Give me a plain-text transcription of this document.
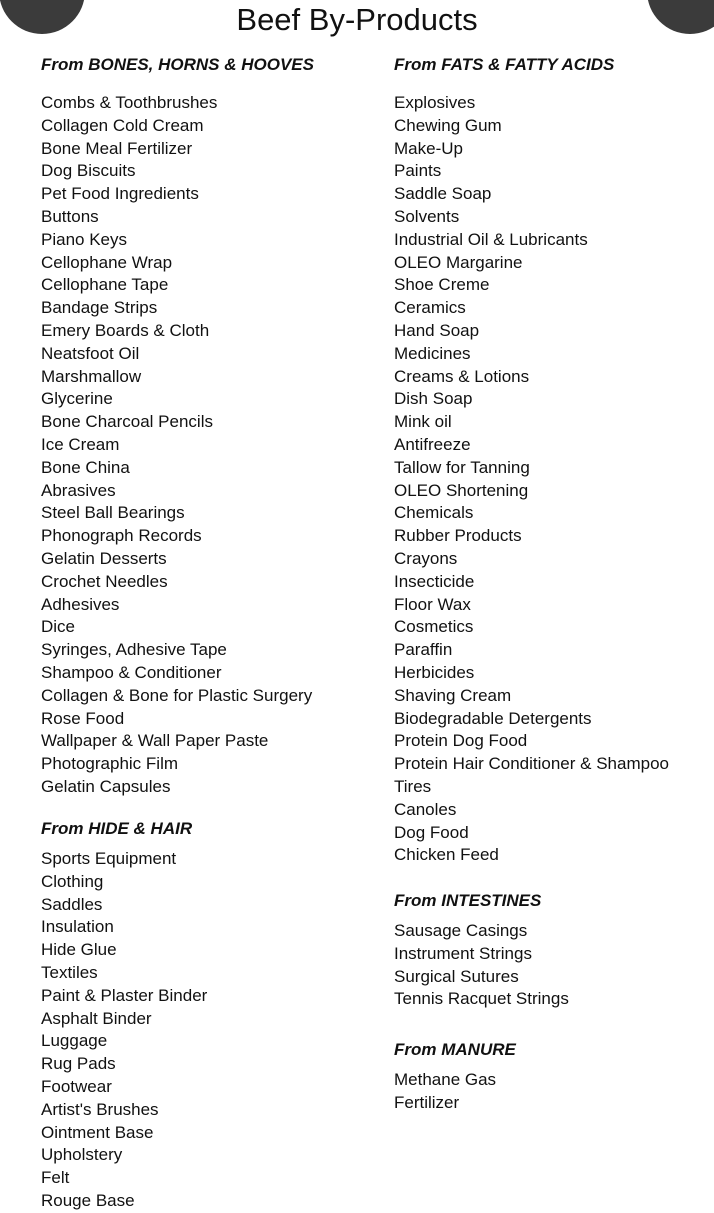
Beef By-Products
From BONES, HORNS & HOOVES
Combs & Toothbrushes
Collagen Cold Cream
Bone Meal Fertilizer
Dog Biscuits
Pet Food Ingredients
Buttons
Piano Keys
Cellophane Wrap
Cellophane Tape
Bandage Strips
Emery Boards & Cloth
Neatsfoot Oil
Marshmallow
Glycerine
Bone Charcoal Pencils
Ice Cream
Bone China
Abrasives
Steel Ball Bearings
Phonograph Records
Gelatin Desserts
Crochet Needles
Adhesives
Dice
Syringes, Adhesive Tape
Shampoo & Conditioner
Collagen & Bone for Plastic Surgery
Rose Food
Wallpaper & Wall Paper Paste
Photographic Film
Gelatin Capsules
From HIDE & HAIR
Sports Equipment
Clothing
Saddles
Insulation
Hide Glue
Textiles
Paint & Plaster Binder
Asphalt Binder
Luggage
Rug Pads
Footwear
Artist's Brushes
Ointment Base
Upholstery
Felt
Rouge Base
From FATS & FATTY ACIDS
Explosives
Chewing Gum
Make-Up
Paints
Saddle Soap
Solvents
Industrial Oil & Lubricants
OLEO Margarine
Shoe Creme
Ceramics
Hand Soap
Medicines
Creams & Lotions
Dish Soap
Mink oil
Antifreeze
Tallow for Tanning
OLEO Shortening
Chemicals
Rubber Products
Crayons
Insecticide
Floor Wax
Cosmetics
Paraffin
Herbicides
Shaving Cream
Biodegradable Detergents
Protein Dog Food
Protein Hair Conditioner & Shampoo
Tires
Canoles
Dog Food
Chicken Feed
From INTESTINES
Sausage Casings
Instrument Strings
Surgical Sutures
Tennis Racquet Strings
From MANURE
Methane Gas
Fertilizer
